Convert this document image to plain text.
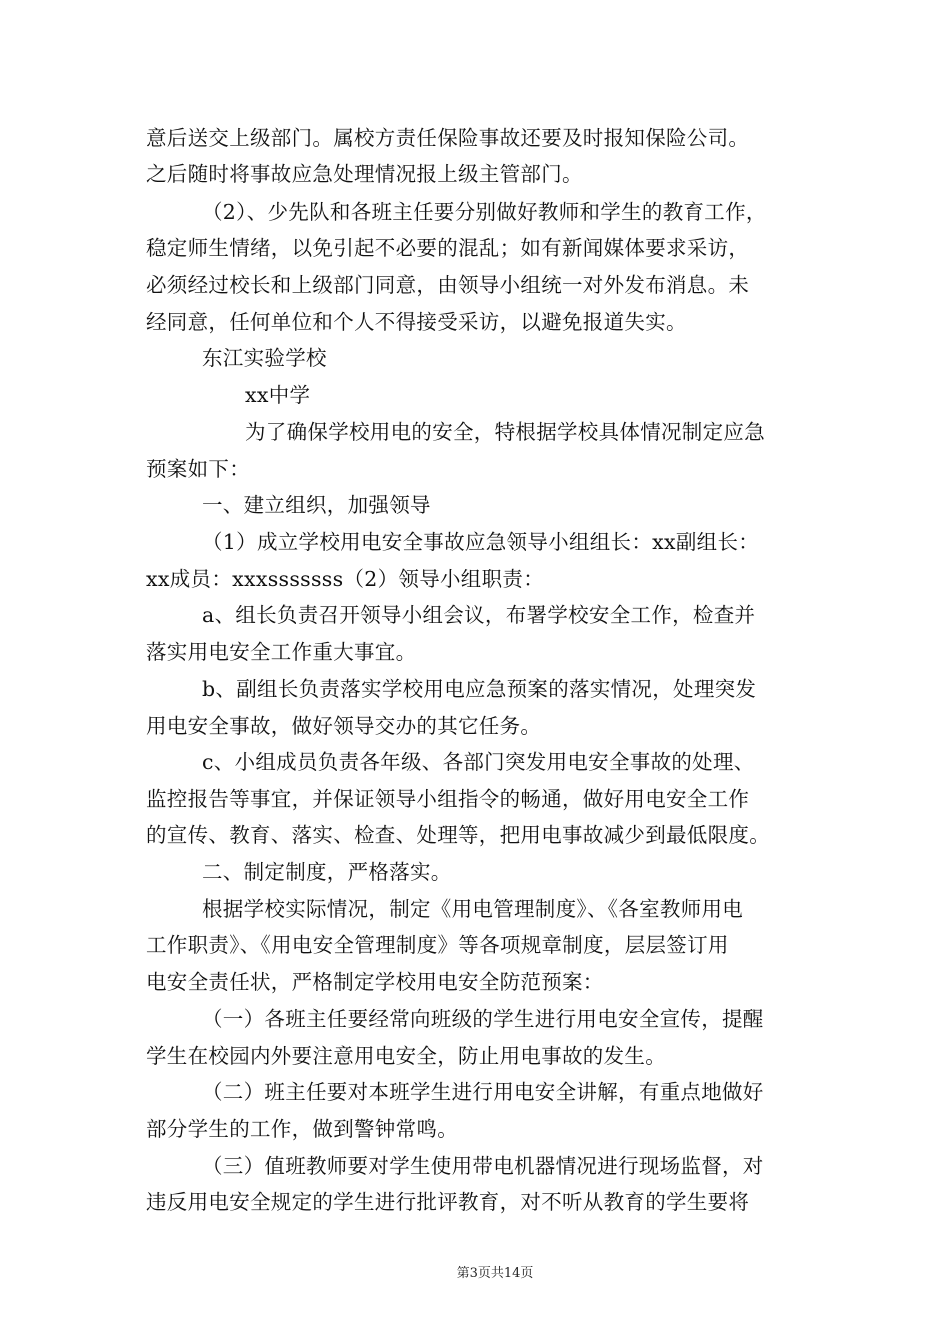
意后送交上级部门。属校方责任保险事故还要及时报知保险公司。
之后随时将事故应急处理情况报上级主管部门。
（2）、少先队和各班主任要分别做好教师和学生的教育工作，
稳定师生情绪，以免引起不必要的混乱；如有新闻媒体要求采访，
必须经过校长和上级部门同意，由领导小组统一对外发布消息。未
经同意，任何单位和个人不得接受采访，以避免报道失实。
东江实验学校
xx中学
为了确保学校用电的安全，特根据学校具体情况制定应急
预案如下：
一、建立组织，加强领导
（1）成立学校用电安全事故应急领导小组组长：xx副组长：
xx成员：xxxsssssss（2）领导小组职责：
a、组长负责召开领导小组会议，布署学校安全工作，检查并
落实用电安全工作重大事宜。
b、副组长负责落实学校用电应急预案的落实情况，处理突发
用电安全事故，做好领导交办的其它任务。
c、小组成员负责各年级、各部门突发用电安全事故的处理、
监控报告等事宜，并保证领导小组指令的畅通，做好用电安全工作
的宣传、教育、落实、检查、处理等，把用电事故减少到最低限度。
二、制定制度，严格落实。
根据学校实际情况，制定《用电管理制度》、《各室教师用电
工作职责》、《用电安全管理制度》等各项规章制度，层层签订用
电安全责任状，严格制定学校用电安全防范预案：
（一）各班主任要经常向班级的学生进行用电安全宣传，提醒
学生在校园内外要注意用电安全，防止用电事故的发生。
（二）班主任要对本班学生进行用电安全讲解，有重点地做好
部分学生的工作，做到警钟常鸣。
（三）值班教师要对学生使用带电机器情况进行现场监督，对
违反用电安全规定的学生进行批评教育，对不听从教育的学生要将
第3页共14页
